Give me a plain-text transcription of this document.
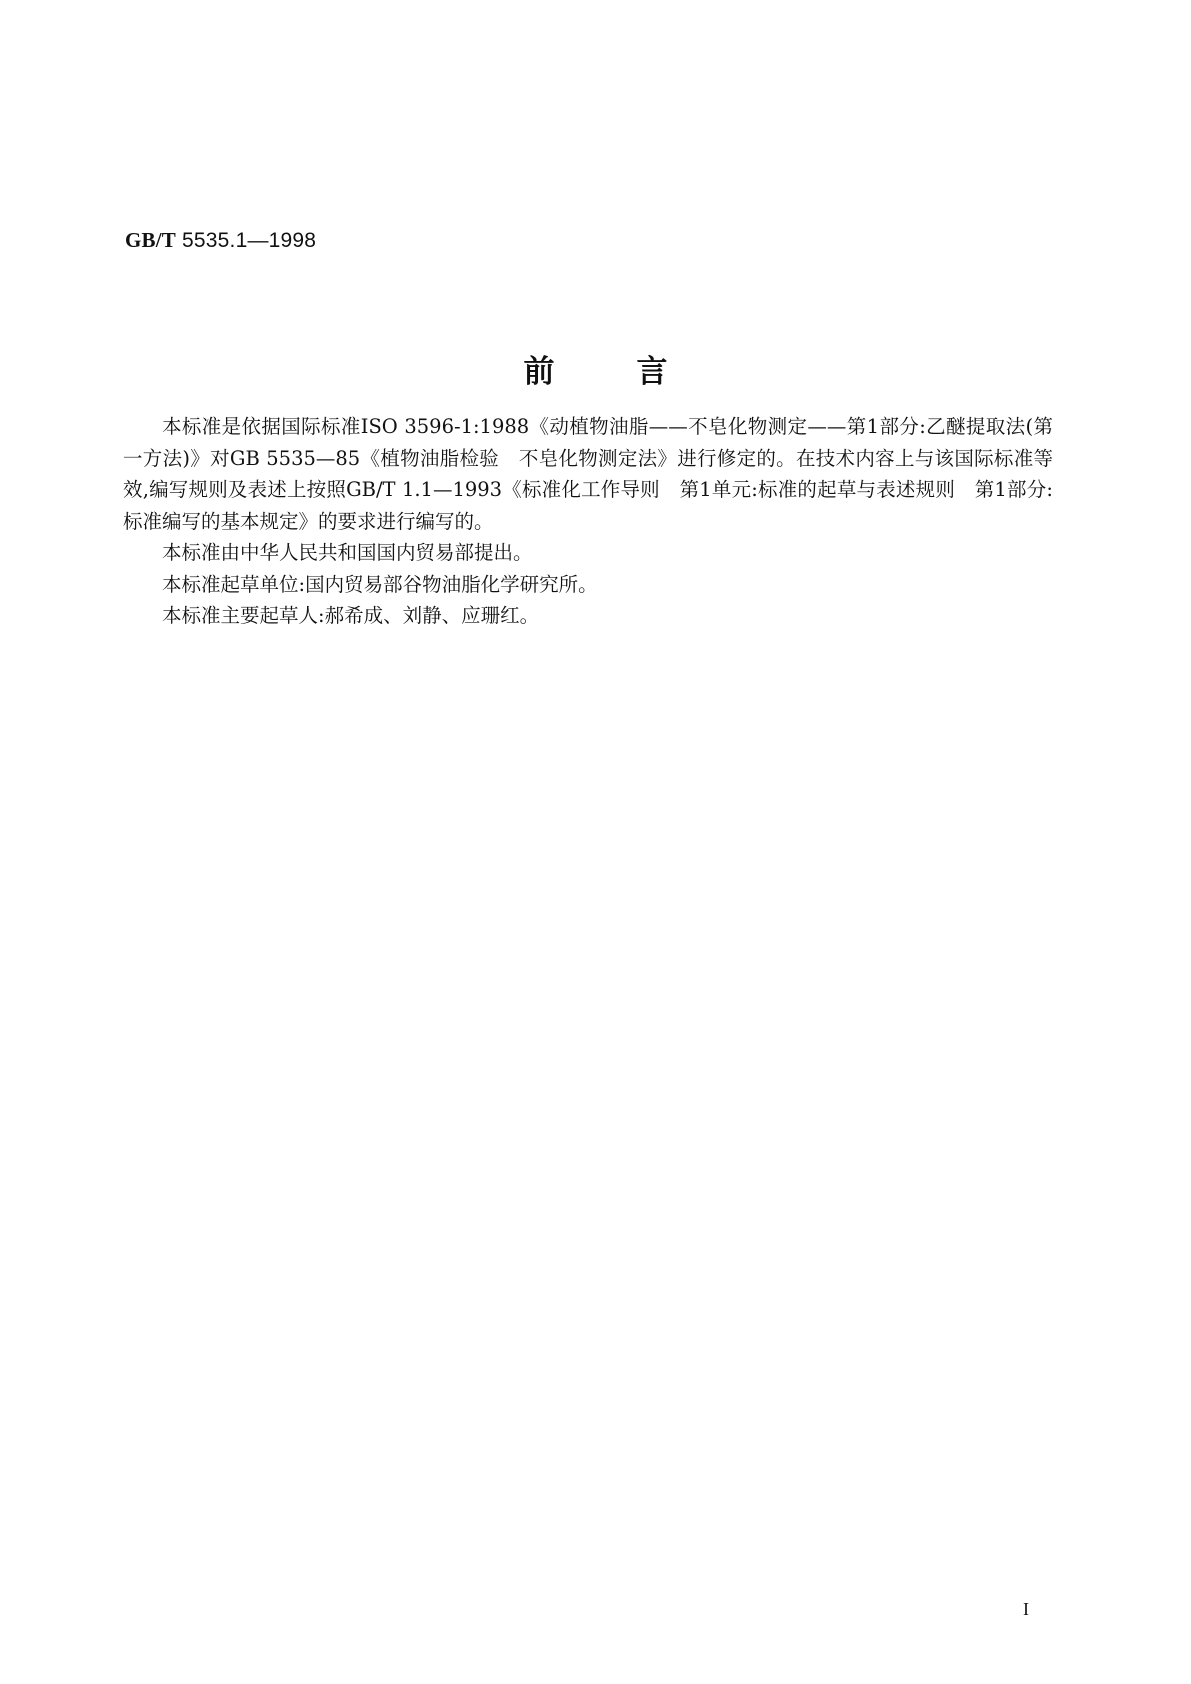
GB/T 5535.1—1998
前言

本标准是依据国际标准ISO 3596-1:1988《动植物油脂——不皂化物测定——第1部分:乙醚提取法(第一方法)》对GB 5535—85《植物油脂检验　不皂化物测定法》进行修定的。在技术内容上与该国际标准等效,编写规则及表述上按照GB/T 1.1—1993《标准化工作导则　第1单元:标准的起草与表述规则　第1部分:标准编写的基本规定》的要求进行编写的。

本标准由中华人民共和国国内贸易部提出。

本标准起草单位:国内贸易部谷物油脂化学研究所。

本标准主要起草人:郝希成、刘静、应珊红。

I
